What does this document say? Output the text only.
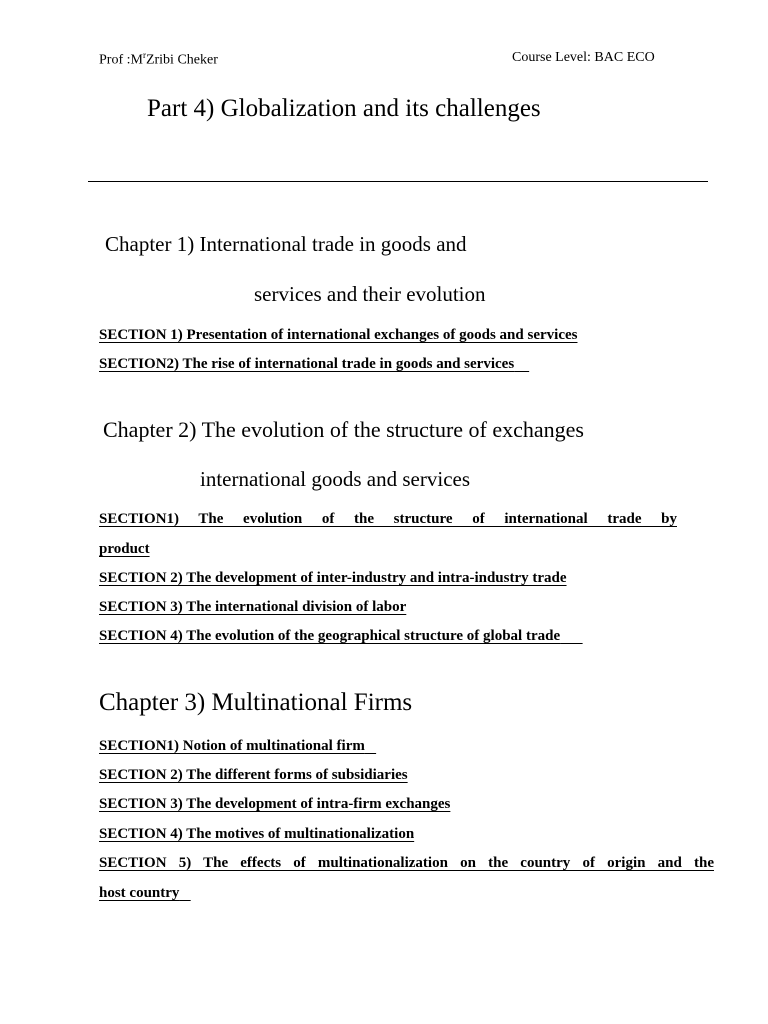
Prof $:M^rZribi$ Cheker	Course Level: BAC ECO
Part 4) Globalization and its challenges
Chapter 1) International trade in goods and
services and their evolution
SECTION 1) Presentation of international exchanges of goods and services
SECTION2) The rise of international trade in goods and services
Chapter 2) The evolution of the structure of exchanges
international goods and services
SECTION1) The evolution of the structure of international trade by
product
SECTION 2) The development of inter-industry and intra-industry trade
SECTION 3) The international division of labor
SECTION 4) The evolution of the geographical structure of global trade
Chapter 3) Multinational Firms
SECTION1) Notion of multinational firm
SECTION 2) The different forms of subsidiaries
SECTION 3) The development of intra-firm exchanges
SECTION 4) The motives of multinationalization
SECTION 5) The effects of multinationalization on the country of origin and the
host country
